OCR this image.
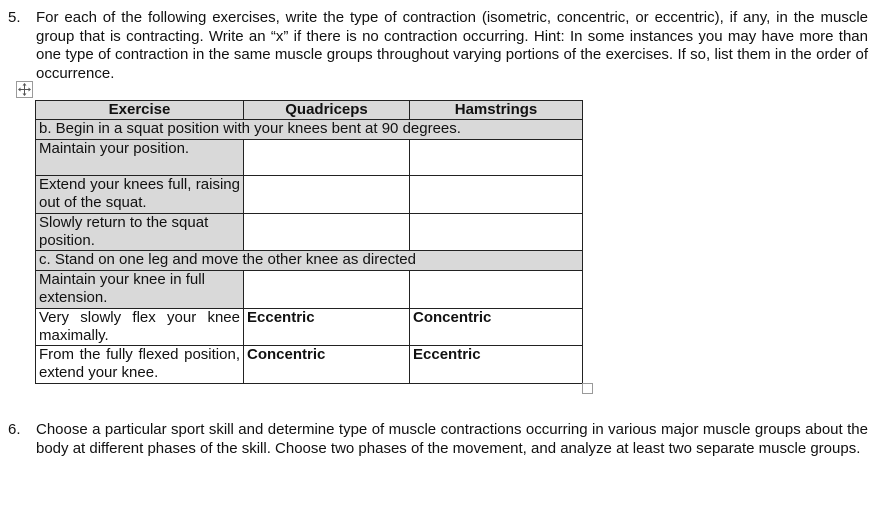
5. For each of the following exercises, write the type of contraction (isometric, concentric, or eccentric), if any, in the muscle group that is contracting. Write an “x” if there is no contraction occurring. Hint: In some instances you may have more than one type of contraction in the same muscle groups throughout varying portions of the exercises. If so, list them in the order of occurrence.
Exercise	Quadriceps	Hamstrings
b. Begin in a squat position with your knees bent at 90 degrees.		
Maintain your position.		
Extend your knees full, raising out of the squat.		
Slowly return to the squat position.		
c. Stand on one leg and move the other knee as directed		
Maintain your knee in full extension.		
Very slowly flex your knee maximally.	Eccentric	Concentric
From the fully flexed position, extend your knee.	Concentric	Eccentric
6. Choose a particular sport skill and determine type of muscle contractions occurring in various major muscle groups about the body at different phases of the skill. Choose two phases of the movement, and analyze at least two separate muscle groups.
